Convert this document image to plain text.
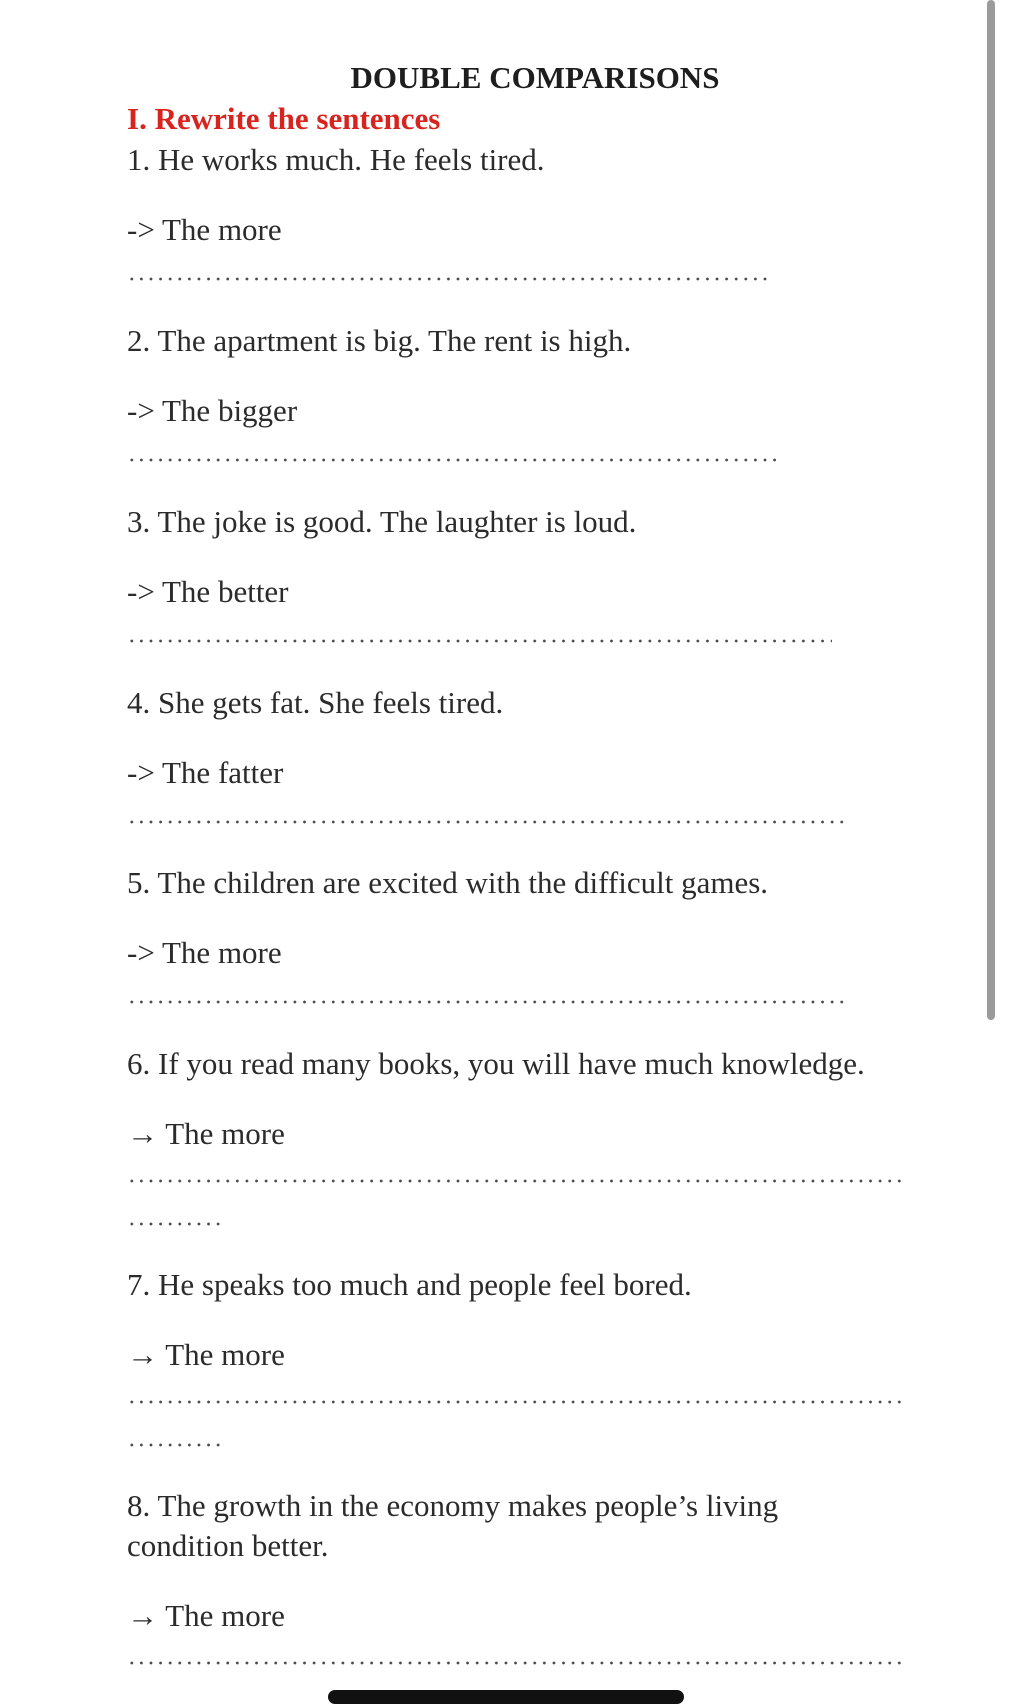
DOUBLE COMPARISONS
I. Rewrite the sentences
1. He works much. He feels tired.
-> The more
2. The apartment is big. The rent is high.
-> The bigger
3. The joke is good. The laughter is loud.
-> The better
4. She gets fat. She feels tired.
-> The fatter
5. The children are excited with the difficult games.
-> The more
6. If you read many books, you will have much knowledge.
→ The more
7. He speaks too much and people feel bored.
→ The more
8. The growth in the economy makes people’s living
condition better.
→ The more
